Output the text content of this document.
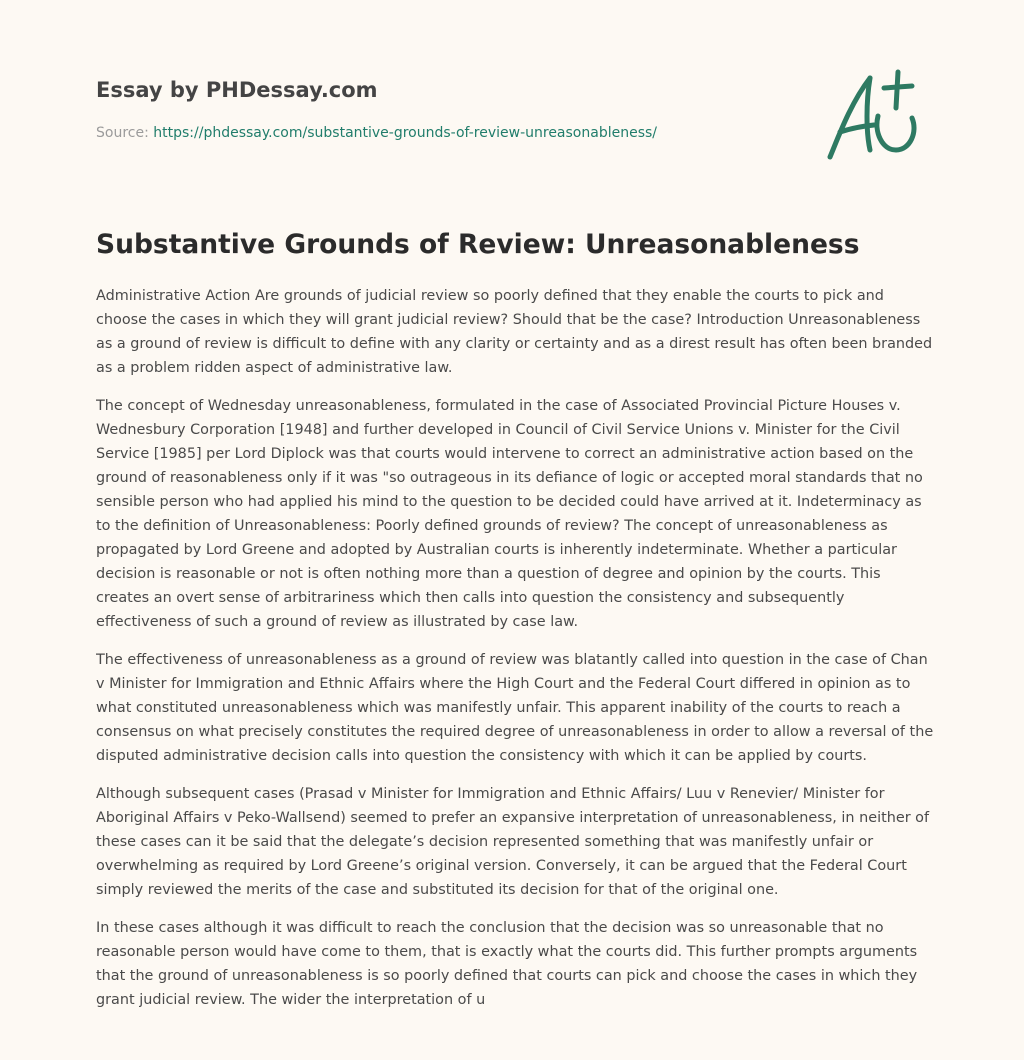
Essay by PHDessay.com
Source: https://phdessay.com/substantive-grounds-of-review-unreasonableness/
Substantive Grounds of Review: Unreasonableness

Administrative Action Are grounds of judicial review so poorly defined that they enable the courts to pick and choose the cases in which they will grant judicial review? Should that be the case? Introduction Unreasonableness as a ground of review is difficult to define with any clarity or certainty and as a direst result has often been branded as a problem ridden aspect of administrative law.

The concept of Wednesday unreasonableness, formulated in the case of Associated Provincial Picture Houses v. Wednesbury Corporation [1948] and further developed in Council of Civil Service Unions v. Minister for the Civil Service [1985] per Lord Diplock was that courts would intervene to correct an administrative action based on the ground of reasonableness only if it was "so outrageous in its defiance of logic or accepted moral standards that no sensible person who had applied his mind to the question to be decided could have arrived at it. Indeterminacy as to the definition of Unreasonableness: Poorly defined grounds of review? The concept of unreasonableness as propagated by Lord Greene and adopted by Australian courts is inherently indeterminate. Whether a particular decision is reasonable or not is often nothing more than a question of degree and opinion by the courts. This creates an overt sense of arbitrariness which then calls into question the consistency and subsequently effectiveness of such a ground of review as illustrated by case law.

The effectiveness of unreasonableness as a ground of review was blatantly called into question in the case of Chan v Minister for Immigration and Ethnic Affairs where the High Court and the Federal Court differed in opinion as to what constituted unreasonableness which was manifestly unfair. This apparent inability of the courts to reach a consensus on what precisely constitutes the required degree of unreasonableness in order to allow a reversal of the disputed administrative decision calls into question the consistency with which it can be applied by courts.

Although subsequent cases (Prasad v Minister for Immigration and Ethnic Affairs/ Luu v Renevier/ Minister for Aboriginal Affairs v Peko-Wallsend) seemed to prefer an expansive interpretation of unreasonableness, in neither of these cases can it be said that the delegate’s decision represented something that was manifestly unfair or overwhelming as required by Lord Greene’s original version. Conversely, it can be argued that the Federal Court simply reviewed the merits of the case and substituted its decision for that of the original one.

In these cases although it was difficult to reach the conclusion that the decision was so unreasonable that no reasonable person would have come to them, that is exactly what the courts did. This further prompts arguments that the ground of unreasonableness is so poorly defined that courts can pick and choose the cases in which they grant judicial review. The wider the interpretation of u
